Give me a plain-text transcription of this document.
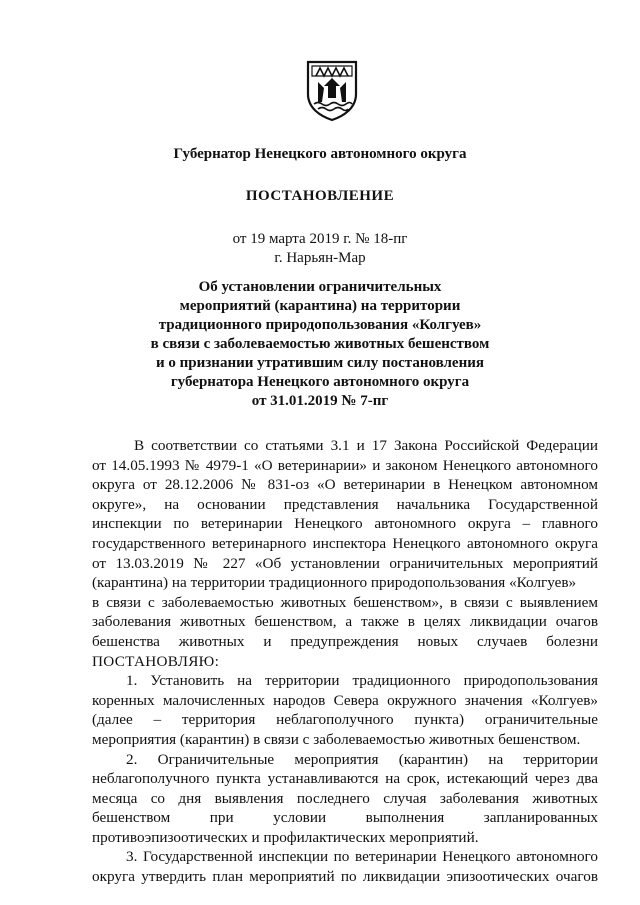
Губернатор Ненецкого автономного округа
ПОСТАНОВЛЕНИЕ
от 19 марта 2019 г. № 18-пг
г. Нарьян-Мар
Об установлении ограничительных
мероприятий (карантина) на территории
традиционного природопользования «Колгуев»
в связи с заболеваемостью животных бешенством
и о признании утратившим силу постановления
губернатора Ненецкого автономного округа
от 31.01.2019 № 7-пг
В соответствии со статьями 3.1 и 17 Закона Российской Федерации
от 14.05.1993 № 4979-1 «О ветеринарии» и законом Ненецкого автономного
округа от 28.12.2006 № 831-оз «О ветеринарии в Ненецком автономном
округе», на основании представления начальника Государственной
инспекции по ветеринарии Ненецкого автономного округа – главного
государственного ветеринарного инспектора Ненецкого автономного округа
от 13.03.2019 № 227 «Об установлении ограничительных мероприятий
(карантина) на территории традиционного природопользования «Колгуев»
в связи с заболеваемостью животных бешенством», в связи с выявлением
заболевания животных бешенством, а также в целях ликвидации очагов
бешенства животных и предупреждения новых случаев болезни
ПОСТАНОВЛЯЮ:
1. Установить на территории традиционного природопользования
коренных малочисленных народов Севера окружного значения «Колгуев»
(далее – территория неблагополучного пункта) ограничительные
мероприятия (карантин) в связи с заболеваемостью животных бешенством.
2. Ограничительные мероприятия (карантин) на территории
неблагополучного пункта устанавливаются на срок, истекающий через два
месяца со дня выявления последнего случая заболевания животных
бешенством при условии выполнения запланированных
противоэпизоотических и профилактических мероприятий.
3. Государственной инспекции по ветеринарии Ненецкого автономного
округа утвердить план мероприятий по ликвидации эпизоотических очагов
